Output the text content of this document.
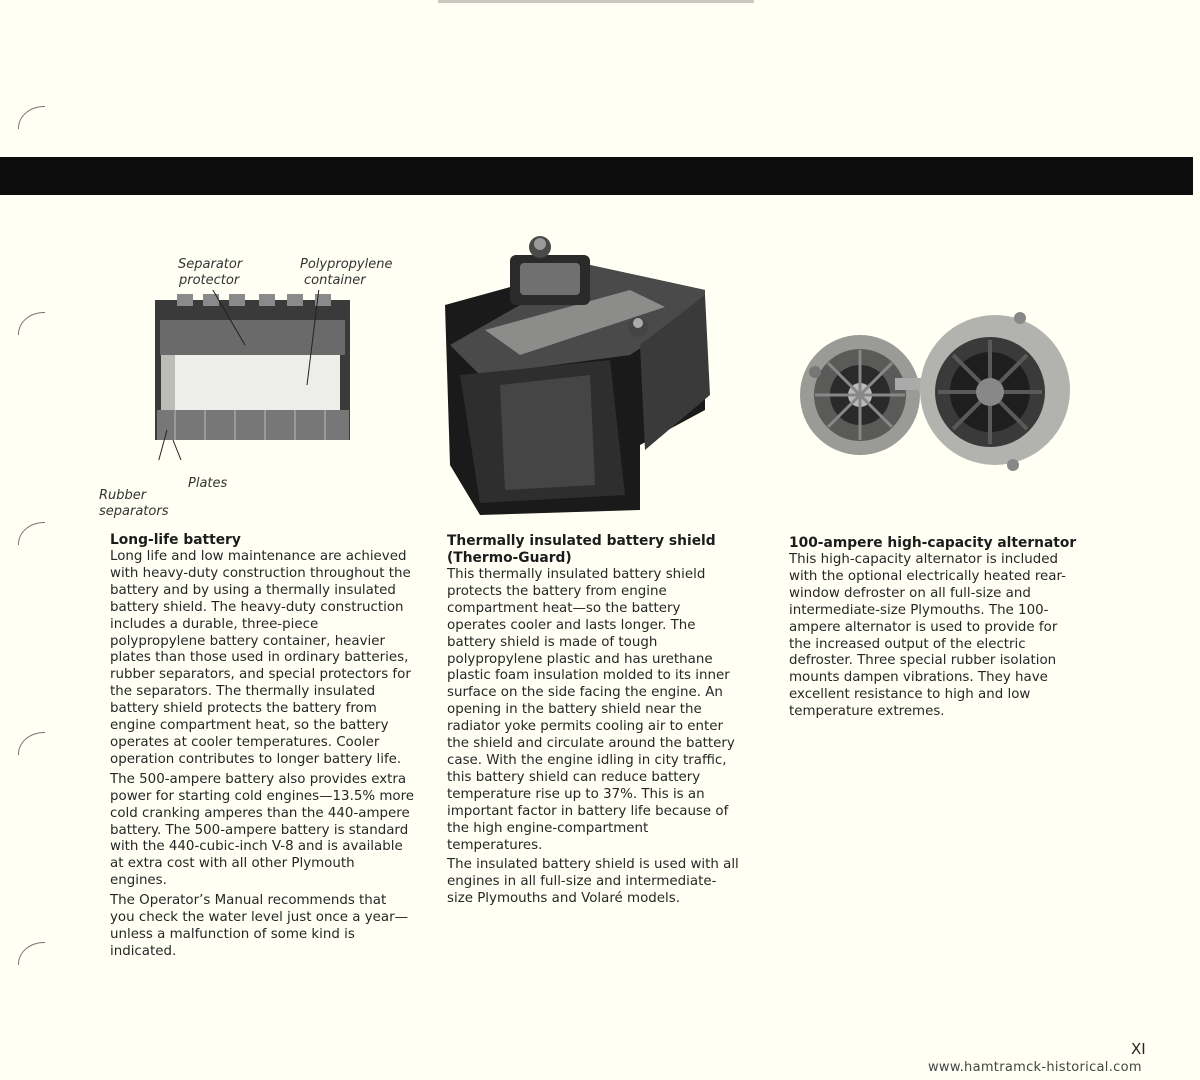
Separator
protector
Polypropylene
container
Plates
Rubber
separators
Long-life battery

Long life and low maintenance are achieved with heavy-duty construction throughout the battery and by using a thermally insulated battery shield. The heavy-duty construction includes a durable, three-piece polypropylene battery container, heavier plates than those used in ordinary batteries, rubber separators, and special protectors for the separators. The thermally insulated battery shield protects the battery from engine compartment heat, so the battery operates at cooler temperatures. Cooler operation contributes to longer battery life.

The 500-ampere battery also provides extra power for starting cold engines—13.5% more cold cranking amperes than the 440-ampere battery. The 500-ampere battery is standard with the 440-cubic-inch V-8 and is available at extra cost with all other Plymouth engines.

The Operator’s Manual recommends that you check the water level just once a year—unless a malfunction of some kind is indicated.

Thermally insulated battery shield
(Thermo-Guard)

This thermally insulated battery shield protects the battery from engine compartment heat—so the battery operates cooler and lasts longer. The battery shield is made of tough polypropylene plastic and has urethane plastic foam insulation molded to its inner surface on the side facing the engine. An opening in the battery shield near the radiator yoke permits cooling air to enter the shield and circulate around the battery case. With the engine idling in city traffic, this battery shield can reduce battery temperature rise up to 37%. This is an important factor in battery life because of the high engine-compartment temperatures.

The insulated battery shield is used with all engines in all full-size and intermediate-size Plymouths and Volaré models.

100-ampere high-capacity alternator

This high-capacity alternator is included with the optional electrically heated rear-window defroster on all full-size and intermediate-size Plymouths. The 100-ampere alternator is used to provide for the increased output of the electric defroster. Three special rubber isolation mounts dampen vibrations. They have excellent resistance to high and low temperature extremes.

XI
www.hamtramck-historical.com
